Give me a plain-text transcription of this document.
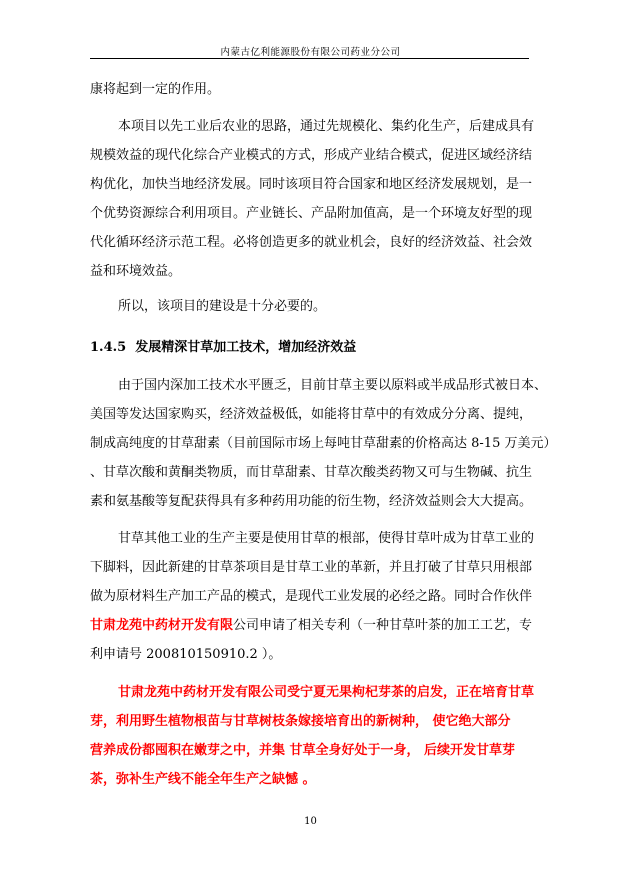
内蒙古亿利能源股份有限公司药业分公司
康将起到一定的作用。
本项目以先工业后农业的思路，通过先规模化、集约化生产，后建成具有
规模效益的现代化综合产业模式的方式，形成产业结合模式，促进区域经济结
构优化，加快当地经济发展。同时该项目符合国家和地区经济发展规划，是一
个优势资源综合利用项目。产业链长、产品附加值高，是一个环境友好型的现
代化循环经济示范工程。必将创造更多的就业机会，良好的经济效益、社会效
益和环境效益。
所以，该项目的建设是十分必要的。
1.4.5 发展精深甘草加工技术，增加经济效益
由于国内深加工技术水平匮乏，目前甘草主要以原料或半成品形式被日本、
美国等发达国家购买，经济效益极低，如能将甘草中的有效成分分离、提纯，
制成高纯度的甘草甜素（目前国际市场上每吨甘草甜素的价格高达 8-15 万美元）
、甘草次酸和黄酮类物质，而甘草甜素、甘草次酸类药物又可与生物碱、抗生
素和氨基酸等复配获得具有多种药用功能的衍生物，经济效益则会大大提高。
甘草其他工业的生产主要是使用甘草的根部，使得甘草叶成为甘草工业的
下脚料，因此新建的甘草茶项目是甘草工业的革新，并且打破了甘草只用根部
做为原材料生产加工产品的模式，是现代工业发展的必经之路。同时合作伙伴
甘肃龙苑中药材开发有限公司申请了相关专利（一种甘草叶茶的加工工艺，专
利申请号 200810150910.2 ）。
甘肃龙苑中药材开发有限公司受宁夏无果枸杞芽茶的启发，正在培育甘草
芽，利用野生植物根苗与甘草树枝条嫁接培育出的新树种， 使它绝大部分
营养成份都囤积在嫩芽之中，并集 甘草全身好处于一身， 后续开发甘草芽
茶，弥补生产线不能全年生产之缺憾 。
10
